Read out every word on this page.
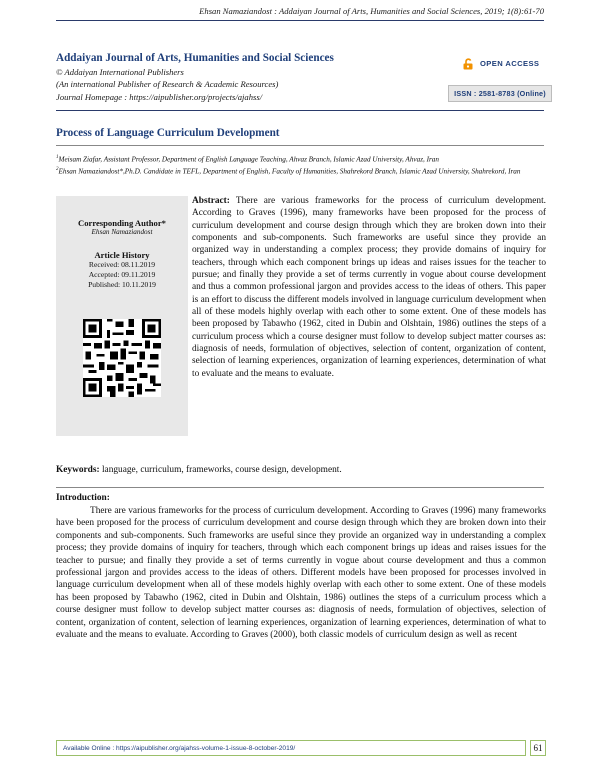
Ehsan Namaziandost : Addaiyan Journal of Arts, Humanities and Social Sciences, 2019; 1(8):61-70
Addaiyan Journal of Arts, Humanities and Social Sciences
© Addaiyan International Publishers
(An international Publisher of Research & Academic Resources)
Journal Homepage : https://aipublisher.org/projects/ajahss/
OPEN ACCESS
ISSN : 2581-8783 (Online)
Process of Language Curriculum Development
$^1$Meisam Ziafar, Assistant Professor, Department of English Language Teaching, Ahvaz Branch, Islamic Azad University, Ahvaz, Iran
$^2$Ehsan Namaziandost*,Ph.D. Candidate in TEFL, Department of English, Faculty of Humanities, Shahrekord Branch, Islamic Azad University, Shahrekord, Iran
Corresponding Author*
Ehsan Namaziandost
Article History
Received: 08.11.2019
Accepted: 09.11.2019
Published: 10.11.2019
Abstract: There are various frameworks for the process of curriculum development. According to Graves (1996), many frameworks have been proposed for the process of curriculum development and course design through which they are broken down into their components and sub-components. Such frameworks are useful since they provide an organized way in understanding a complex process; they provide domains of inquiry for teachers, through which each component brings up ideas and raises issues for the teacher to pursue; and finally they provide a set of terms currently in vogue about course development and thus a common professional jargon and provides access to the ideas of others. This paper is an effort to discuss the different models involved in language curriculum development when all of these models highly overlap with each other to some extent. One of these models has been proposed by Tabawho (1962, cited in Dubin and Olshtain, 1986) outlines the steps of a curriculum process which a course designer must follow to develop subject matter courses as: diagnosis of needs, formulation of objectives, selection of content, organization of content, selection of learning experiences, organization of learning experiences, determination of what to evaluate and the means to evaluate.
Keywords: language, curriculum, frameworks, course design, development.
Introduction:
There are various frameworks for the process of curriculum development. According to Graves (1996) many frameworks have been proposed for the process of curriculum development and course design through which they are broken down into their components and sub-components. Such frameworks are useful since they provide an organized way in understanding a complex process; they provide domains of inquiry for teachers, through which each component brings up ideas and raises issues for the teacher to pursue; and finally they provide a set of terms currently in vogue about course development and thus a common professional jargon and provides access to the ideas of others. Different models have been proposed for processes involved in language curriculum development when all of these models highly overlap with each other to some extent. One of these models has been proposed by Tabawho (1962, cited in Dubin and Olshtain, 1986) outlines the steps of a curriculum process which a course designer must follow to develop subject matter courses as: diagnosis of needs, formulation of objectives, selection of content, organization of content, selection of learning experiences, organization of learning experiences, determination of what to evaluate and the means to evaluate. According to Graves (2000), both classic models of curriculum design as well as recent
Available Online : https://aipublisher.org/ajahss-volume-1-issue-8-october-2019/	61
